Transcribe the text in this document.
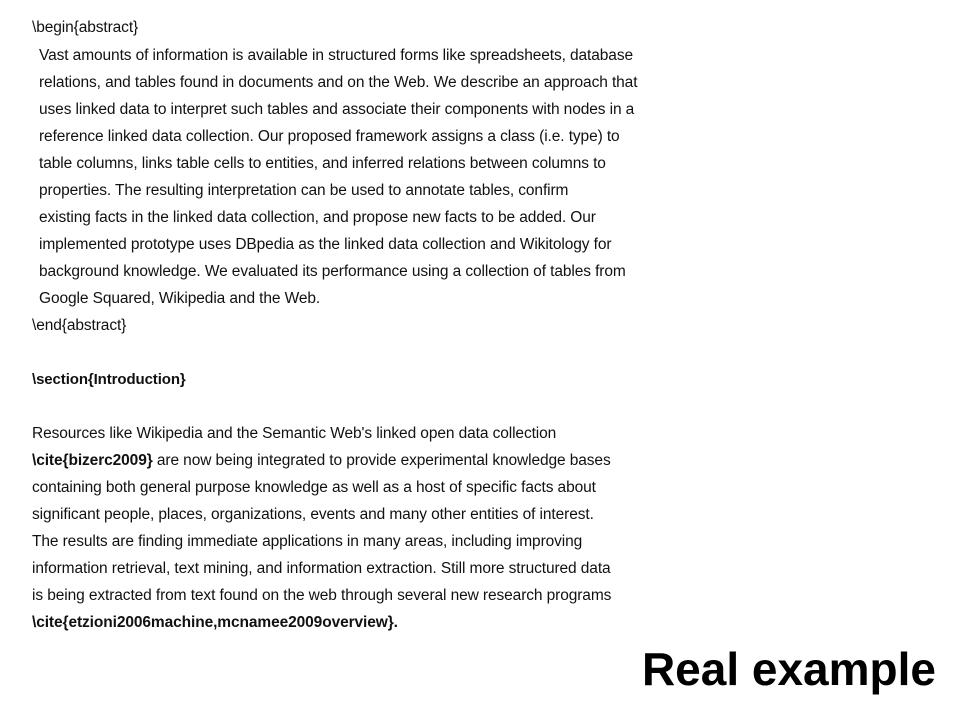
\begin{abstract}
Vast amounts of information is available in structured forms like spreadsheets, database
relations, and tables found in documents and on the Web. We describe an approach that
uses linked data to interpret such tables and associate their components with nodes in a
reference linked data collection. Our proposed framework assigns a class (i.e. type) to
table columns, links table cells to entities, and inferred relations between columns to
properties. The resulting interpretation can be used to annotate tables, confirm
existing facts in the linked data collection, and propose new facts to be added. Our
implemented prototype uses DBpedia as the linked data collection and Wikitology for
background knowledge. We evaluated its performance using a collection of tables from
Google Squared, Wikipedia and the Web.
\end{abstract}
\section{Introduction}
Resources like Wikipedia and the Semantic Web's linked open data collection
\cite{bizerc2009} are now being integrated to provide experimental knowledge bases
containing both general purpose knowledge as well as a host of specific facts about
significant people, places, organizations, events and many other entities of interest.
The results are finding immediate applications in many areas, including improving
information retrieval, text mining, and information extraction. Still more structured data
is being extracted from text found on the web through several new research programs
\cite{etzioni2006machine,mcnamee2009overview}.
Real example
